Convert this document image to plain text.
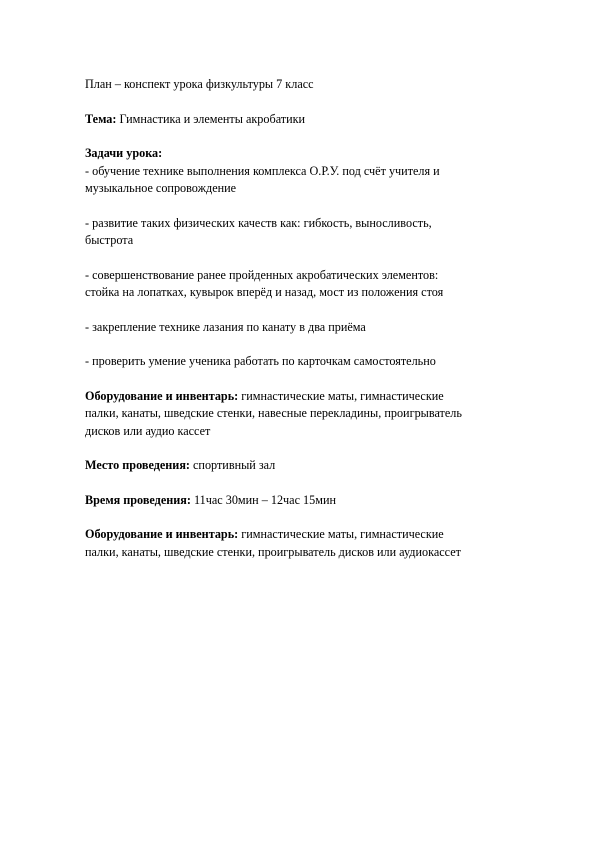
План – конспект урока физкультуры 7 класс

Тема: Гимнастика и элементы акробатики

Задачи урока:

- обучение технике выполнения комплекса О.Р.У. под счёт учителя и
музыкальное сопровождение

- развитие таких физических качеств как: гибкость, выносливость,
быстрота

- совершенствование ранее пройденных акробатических элементов:
стойка на лопатках, кувырок вперёд и назад, мост из положения стоя

- закрепление технике лазания по канату в два приёма

- проверить умение ученика работать по карточкам самостоятельно

Оборудование и инвентарь: гимнастические маты, гимнастические
палки, канаты, шведские стенки, навесные перекладины, проигрыватель
дисков или аудио кассет

Место проведения: спортивный зал

Время проведения: 11час 30мин – 12час 15мин

Оборудование и инвентарь: гимнастические маты, гимнастические
палки, канаты, шведские стенки, проигрыватель дисков или аудиокассет
